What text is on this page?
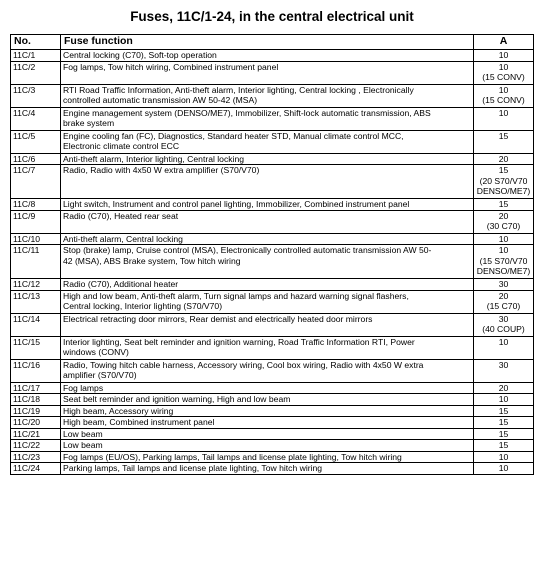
Fuses, 11C/1-24, in the central electrical unit
No.	Fuse function	A
11C/1	Central locking (C70), Soft-top operation	10

11C/2	Fog lamps, Tow hitch wiring, Combined instrument panel	10
(15 CONV)

11C/3	RTI Road Traffic Information, Anti-theft alarm, Interior lighting, Central locking , Electronically
controlled automatic transmission AW 50-42 (MSA)	10
(15 CONV)

11C/4	Engine management system (DENSO/ME7), Immobilizer, Shift-lock automatic transmission, ABS
brake system	10

11C/5	Engine cooling fan (FC), Diagnostics, Standard heater STD, Manual climate control MCC,
Electronic climate control ECC	15

11C/6	Anti-theft alarm, Interior lighting, Central locking	20

11C/7	Radio, Radio with 4x50 W extra amplifier (S70/V70)	15
(20 S70/V70
DENSO/ME7)

11C/8	Light switch, Instrument and control panel lighting, Immobilizer, Combined instrument panel	15

11C/9	Radio (C70), Heated rear seat	20
(30 C70)

11C/10	Anti-theft alarm, Central locking	10

11C/11	Stop (brake) lamp, Cruise control (MSA), Electronically controlled automatic transmission AW 50-
42 (MSA), ABS Brake system, Tow hitch wiring	10
(15 S70/V70
DENSO/ME7)

11C/12	Radio (C70), Additional heater	30

11C/13	High and low beam, Anti-theft alarm, Turn signal lamps and hazard warning signal flashers,
Central locking, Interior lighting (S70/V70)	20
(15 C70)

11C/14	Electrical retracting door mirrors, Rear demist and electrically heated door mirrors	30
(40 COUP)

11C/15	Interior lighting, Seat belt reminder and ignition warning, Road Traffic Information RTI, Power
windows (CONV)	10

11C/16	Radio, Towing hitch cable harness, Accessory wiring, Cool box wiring, Radio with 4x50 W extra
amplifier (S70/V70)	30

11C/17	Fog lamps	20

11C/18	Seat belt reminder and ignition warning, High and low beam	10

11C/19	High beam, Accessory wiring	15

11C/20	High beam, Combined instrument panel	15

11C/21	Low beam	15

11C/22	Low beam	15

11C/23	Fog lamps (EU/OS), Parking lamps, Tail lamps and license plate lighting, Tow hitch wiring	10

11C/24	Parking lamps, Tail lamps and license plate lighting, Tow hitch wiring	10
